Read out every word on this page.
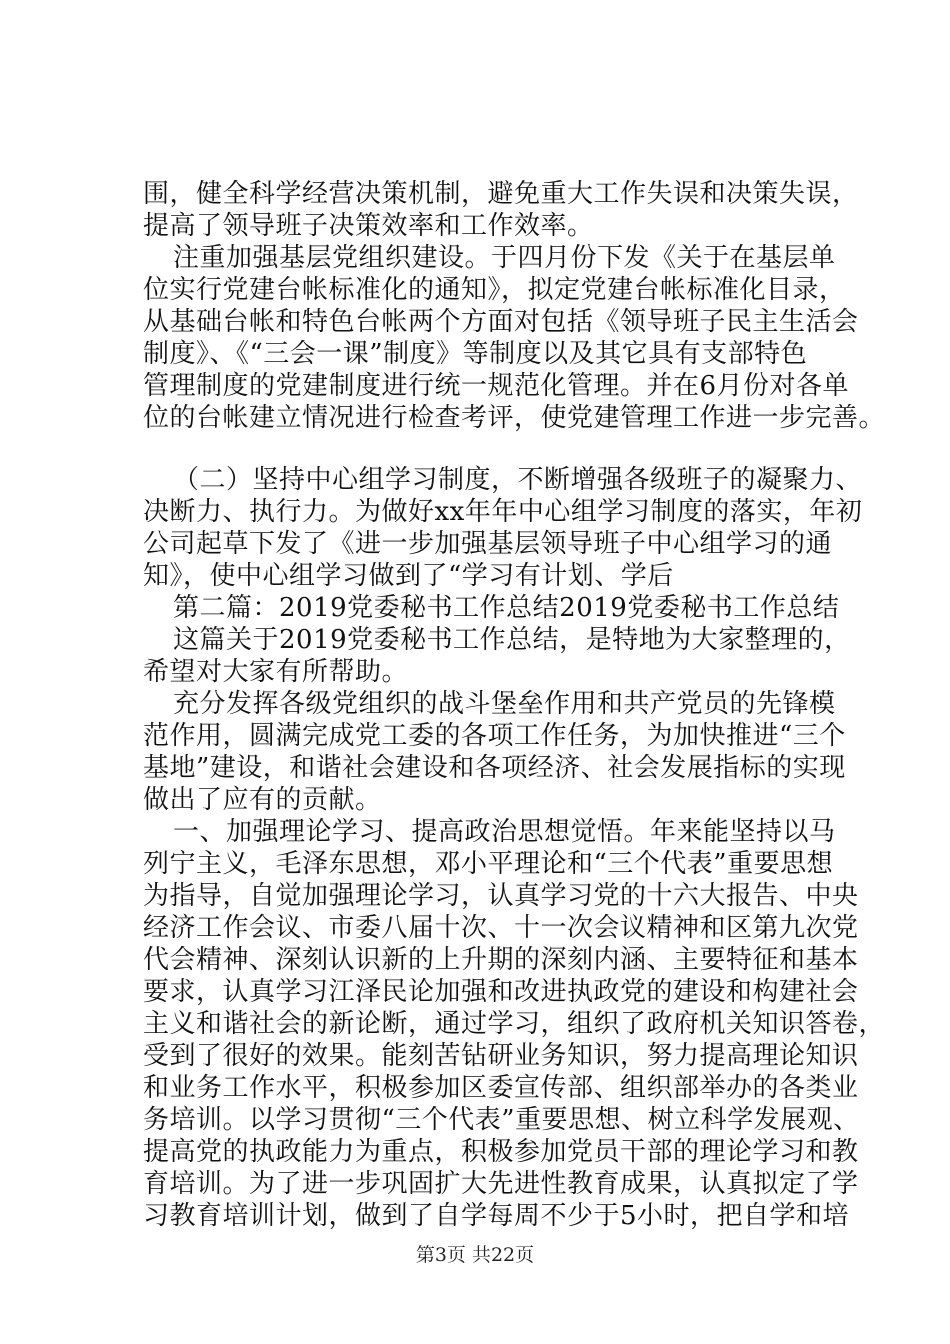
围，健全科学经营决策机制，避免重大工作失误和决策失误，
提高了领导班子决策效率和工作效率。
注重加强基层党组织建设。于四月份下发《关于在基层单
位实行党建台帐标准化的通知》，拟定党建台帐标准化目录，
从基础台帐和特色台帐两个方面对包括《领导班子民主生活会
制度》、《“三会一课”制度》等制度以及其它具有支部特色
管理制度的党建制度进行统一规范化管理。并在6月份对各单
位的台帐建立情况进行检查考评，使党建管理工作进一步完善。
（二）坚持中心组学习制度，不断增强各级班子的凝聚力、
决断力、执行力。为做好xx年年中心组学习制度的落实，年初
公司起草下发了《进一步加强基层领导班子中心组学习的通
知》，使中心组学习做到了“学习有计划、学后
第二篇：2019党委秘书工作总结2019党委秘书工作总结
这篇关于2019党委秘书工作总结，是特地为大家整理的，
希望对大家有所帮助。
充分发挥各级党组织的战斗堡垒作用和共产党员的先锋模
范作用，圆满完成党工委的各项工作任务，为加快推进“三个
基地”建设，和谐社会建设和各项经济、社会发展指标的实现
做出了应有的贡献。
一、加强理论学习、提高政治思想觉悟。年来能坚持以马
列宁主义，毛泽东思想，邓小平理论和“三个代表”重要思想
为指导，自觉加强理论学习，认真学习党的十六大报告、中央
经济工作会议、市委八届十次、十一次会议精神和区第九次党
代会精神、深刻认识新的上升期的深刻内涵、主要特征和基本
要求，认真学习江泽民论加强和改进执政党的建设和构建社会
主义和谐社会的新论断，通过学习，组织了政府机关知识答卷，
受到了很好的效果。能刻苦钻研业务知识，努力提高理论知识
和业务工作水平，积极参加区委宣传部、组织部举办的各类业
务培训。以学习贯彻“三个代表”重要思想、树立科学发展观、
提高党的执政能力为重点，积极参加党员干部的理论学习和教
育培训。为了进一步巩固扩大先进性教育成果，认真拟定了学
习教育培训计划，做到了自学每周不少于5小时，把自学和培
第3页 共22页
